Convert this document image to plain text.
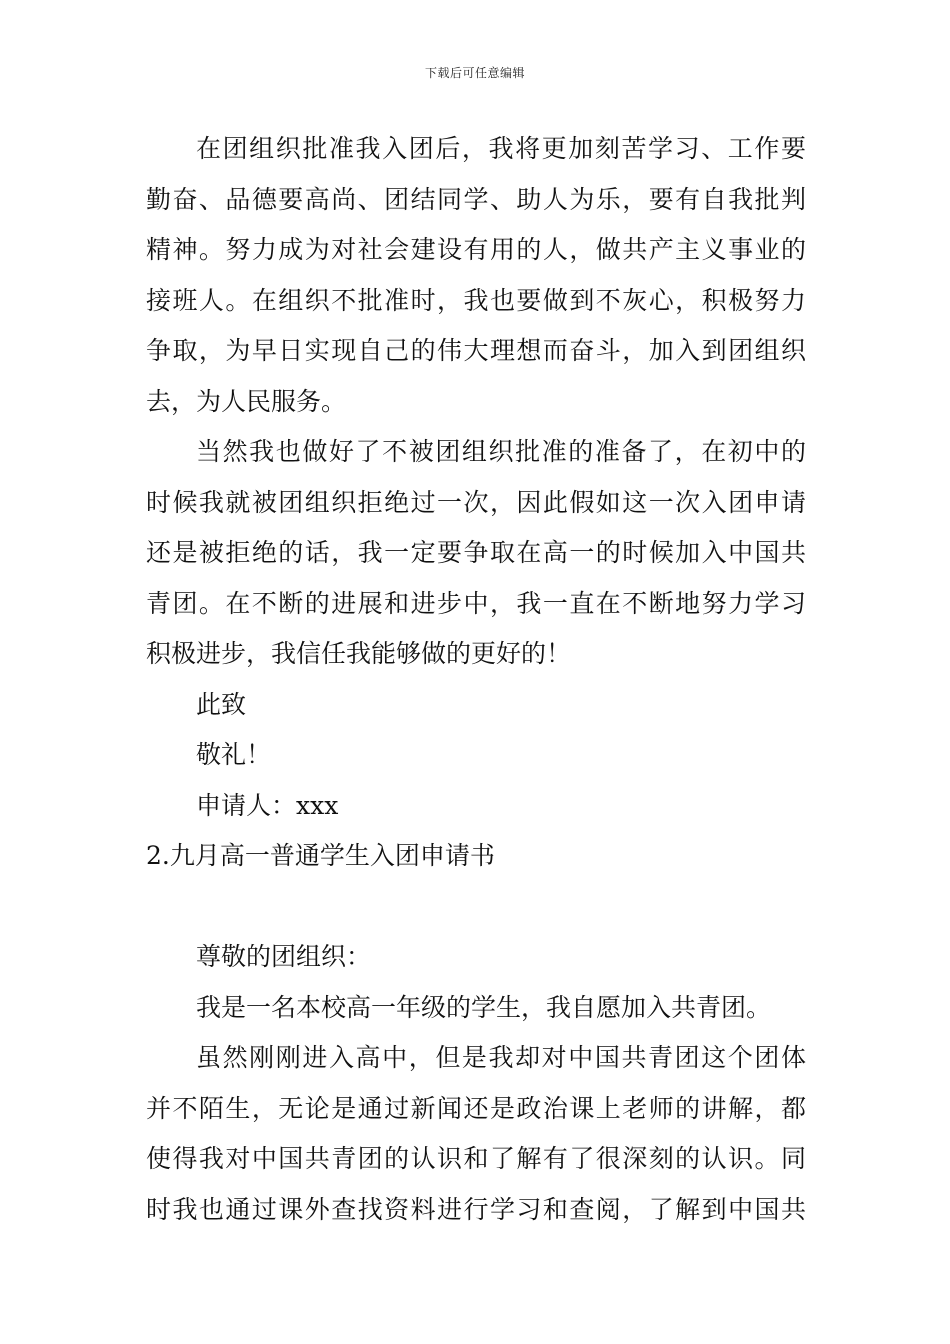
下载后可任意编辑
在团组织批准我入团后，我将更加刻苦学习、工作要
勤奋、品德要高尚、团结同学、助人为乐，要有自我批判
精神。努力成为对社会建设有用的人，做共产主义事业的
接班人。在组织不批准时，我也要做到不灰心，积极努力
争取，为早日实现自己的伟大理想而奋斗，加入到团组织
去，为人民服务。
当然我也做好了不被团组织批准的准备了，在初中的
时候我就被团组织拒绝过一次，因此假如这一次入团申请
还是被拒绝的话，我一定要争取在高一的时候加入中国共
青团。在不断的进展和进步中，我一直在不断地努力学习
积极进步，我信任我能够做的更好的！
此致
敬礼！
申请人：xxx
2.九月高一普通学生入团申请书
尊敬的团组织：
我是一名本校高一年级的学生，我自愿加入共青团。
虽然刚刚进入高中，但是我却对中国共青团这个团体
并不陌生，无论是通过新闻还是政治课上老师的讲解，都
使得我对中国共青团的认识和了解有了很深刻的认识。同
时我也通过课外查找资料进行学习和查阅，了解到中国共
